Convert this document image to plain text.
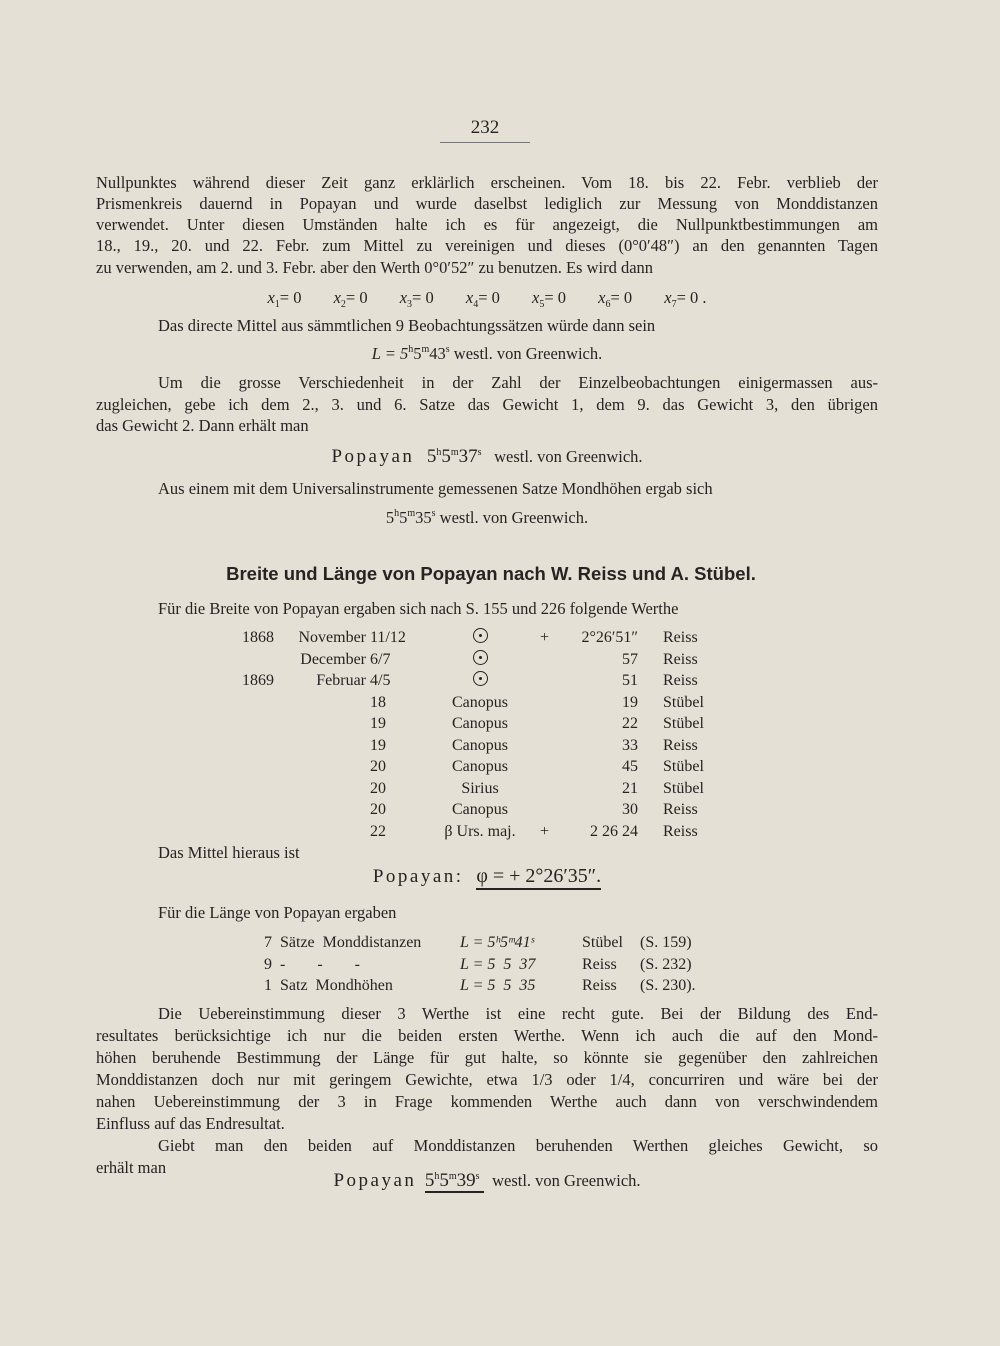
232
Nullpunktes während dieser Zeit ganz erklärlich erscheinen. Vom 18. bis 22. Febr. verblieb der
Prismenkreis dauernd in Popayan und wurde daselbst lediglich zur Messung von Monddistanzen
verwendet. Unter diesen Umständen halte ich es für angezeigt, die Nullpunktbestimmungen am
18., 19., 20. und 22. Febr. zum Mittel zu vereinigen und dieses (0°0′48″) an den genannten Tagen
zu verwenden, am 2. und 3. Febr. aber den Werth 0°0′52″ zu benutzen. Es wird dann
$x_1= 0$ $x_2= 0$ $x_3= 0$ $x_4= 0$ $x_5= 0$ $x_6= 0$ $x_7= 0$ .
Das directe Mittel aus sämmtlichen 9 Beobachtungssätzen würde dann sein
$L = 5^h5^m43^s$ westl. von Greenwich.
Um die grosse Verschiedenheit in der Zahl der Einzelbeobachtungen einigermassen aus-
zugleichen, gebe ich dem 2., 3. und 6. Satze das Gewicht 1, dem 9. das Gewicht 3, den übrigen
das Gewicht 2. Dann erhält man
Popayan 5$^h$5$^m$37$^s$ westl. von Greenwich.
Aus einem mit dem Universalinstrumente gemessenen Satze Mondhöhen ergab sich
5$^h$5$^m$35$^s$ westl. von Greenwich.
Breite und Länge von Popayan nach W. Reiss und A. Stübel.
Für die Breite von Popayan ergaben sich nach S. 155 und 226 folgende Werthe
1868	November 11/12	+	2°26′51″ Reiss
December 6/7	57 Reiss
1869	Februar 4/5	51 Reiss
18	Canopus	19 Stübel
19	Canopus	22 Stübel
19	Canopus	33 Reiss
20	Canopus	45 Stübel
20	Sirius	21 Stübel
20	Canopus	30 Reiss
22	β Urs. maj.	+	2 26 24 Reiss
Das Mittel hieraus ist
Popayan: φ = + 2°26′35″.
Für die Länge von Popayan ergaben
7 Sätze  Monddistanzen	L = 5ʰ5ᵐ41ˢ	Stübel	(S. 159)
9 -        -        -	L = 5  5  37	Reiss	(S. 232)
1 Satz  Mondhöhen	L = 5  5  35	Reiss	(S. 230).
Die Uebereinstimmung dieser 3 Werthe ist eine recht gute. Bei der Bildung des End-
resultates berücksichtige ich nur die beiden ersten Werthe. Wenn ich auch die auf den Mond-
höhen beruhende Bestimmung der Länge für gut halte, so könnte sie gegenüber den zahlreichen
Monddistanzen doch nur mit geringem Gewichte, etwa 1/3 oder 1/4, concurriren und wäre bei der
nahen Uebereinstimmung der 3 in Frage kommenden Werthe auch dann von verschwindendem
Einfluss auf das Endresultat.
Giebt man den beiden auf Monddistanzen beruhenden Werthen gleiches Gewicht, so
erhält man
Popayan 5$^h$5$^m$39$^s$ westl. von Greenwich.
